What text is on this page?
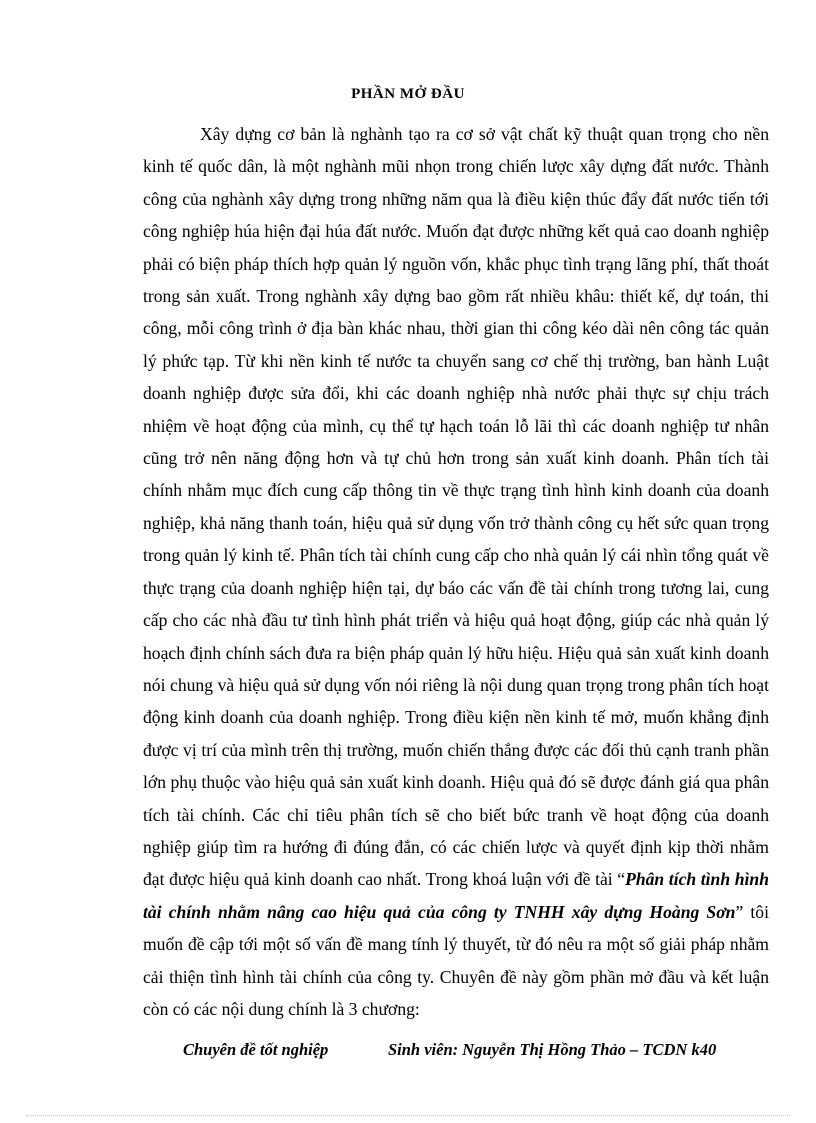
PHẦN MỞ ĐẦU

Xây dựng cơ bản là nghành tạo ra cơ sở vật chất kỹ thuật quan trọng cho nền kinh tế quốc dân, là một nghành mũi nhọn trong chiến lược xây dựng đất nước. Thành công của nghành xây dựng trong những năm qua là điều kiện thúc đẩy đất nước tiến tới công nghiệp húa hiện đại húa đất nước. Muốn đạt được những kết quả cao doanh nghiệp phải có biện pháp thích hợp quản lý nguồn vốn, khắc phục tình trạng lãng phí, thất thoát trong sản xuất. Trong nghành xây dựng bao gồm rất nhiều khâu: thiết kế, dự toán, thi công, mỗi công trình ở địa bàn khác nhau, thời gian thi công kéo dài nên công tác quản lý phức tạp. Từ khi nền kinh tế nước ta chuyển sang cơ chế thị trường, ban hành Luật doanh nghiệp được sửa đổi, khi các doanh nghiệp nhà nước phải thực sự chịu trách nhiệm về hoạt động của mình, cụ thể tự hạch toán lỗ lãi thì các doanh nghiệp tư nhân cũng trở nên năng động hơn và tự chủ hơn trong sản xuất kinh doanh. Phân tích tài chính nhằm mục đích cung cấp thông tin về thực trạng tình hình kinh doanh của doanh nghiệp, khả năng thanh toán, hiệu quả sử dụng vốn trở thành công cụ hết sức quan trọng trong quản lý kinh tế. Phân tích tài chính cung cấp cho nhà quản lý cái nhìn tổng quát về thực trạng của doanh nghiệp hiện tại, dự báo các vấn đề tài chính trong tương lai, cung cấp cho các nhà đầu tư tình hình phát triển và hiệu quả hoạt động, giúp các nhà quản lý hoạch định chính sách đưa ra biện pháp quản lý hữu hiệu. Hiệu quả sản xuất kinh doanh nói chung và hiệu quả sử dụng vốn nói riêng là nội dung quan trọng trong phân tích hoạt động kinh doanh của doanh nghiệp. Trong điều kiện nền kinh tế mở, muốn khẳng định được vị trí của mình trên thị trường, muốn chiến thắng được các đối thủ cạnh tranh phần lớn phụ thuộc vào hiệu quả sản xuất kinh doanh. Hiệu quả đó sẽ được đánh giá qua phân tích tài chính. Các chỉ tiêu phân tích sẽ cho biết bức tranh về hoạt động của doanh nghiệp giúp tìm ra hướng đi đúng đắn, có các chiến lược và quyết định kịp thời nhằm đạt được hiệu quả kinh doanh cao nhất. Trong khoá luận với đề tài “Phân tích tình hình tài chính nhằm nâng cao hiệu quả của công ty TNHH xây dựng Hoàng Sơn” tôi muốn đề cập tới một số vấn đề mang tính lý thuyết, từ đó nêu ra một số giải pháp nhằm cải thiện tình hình tài chính của công ty. Chuyên đề này gồm phần mở đầu và kết luận còn có các nội dung chính là 3 chương:

Chuyên đề tốt nghiệp	Sinh viên: Nguyễn Thị Hồng Thảo – TCDN k40
